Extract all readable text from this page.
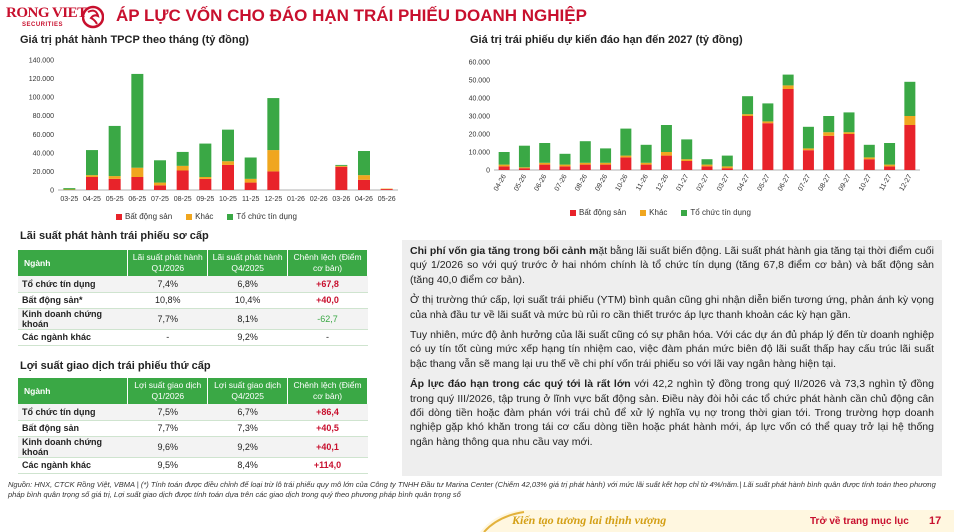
RONG VIET
SECURITIES	ÁP LỰC VỐN CHO ĐÁO HẠN TRÁI PHIẾU DOANH NGHIỆP
Giá trị phát hành TPCP theo tháng (tỷ đồng)
0
20.000
40.000
60.000
80.000
100.000
120.000
140.000
03-25 04-25 05-25 06-25 07-25 08-25 09-25 10-25 11-25 12-25 01-26 02-26 03-26 04-26 05-26
Bất động sản	Khác	Tổ chức tín dụng
Giá trị trái phiếu dự kiến đáo hạn đến 2027 (tỷ đồng)
0
10.000
20.000
30.000
40.000
50.000
60.000
04-26 05-26 06-26 07-26 08-26 09-26 10-26 11-26 12-26 01-27 02-27 03-27 04-27 05-27 06-27 07-27 08-27 09-27 10-27 11-27 12-27
Bất động sản	Khác	Tổ chức tín dụng
Lãi suất phát hành trái phiếu sơ cấp
Ngành	Lãi suất phát hành Q1/2026	Lãi suất phát hành Q4/2025	Chênh lệch (Điểm cơ bản)
Tổ chức tín dụng	7,4%	6,8%	+67,8
Bất động sản*	10,8%	10,4%	+40,0
Kinh doanh chứng khoán	7,7%	8,1%	-62,7
Các ngành khác	-	9,2%	-
Lợi suất giao dịch trái phiếu thứ cấp
Ngành	Lợi suất giao dịch Q1/2026	Lợi suất giao dịch Q4/2025	Chênh lệch (Điểm cơ bản)
Tổ chức tín dụng	7,5%	6,7%	+86,4
Bất động sản	7,7%	7,3%	+40,5
Kinh doanh chứng khoán	9,6%	9,2%	+40,1
Các ngành khác	9,5%	8,4%	+114,0

Chi phí vốn gia tăng trong bối cảnh mặt bằng lãi suất biến động. Lãi suất phát hành gia tăng tại thời điểm cuối quý 1/2026 so với quý trước ở hai nhóm chính là tổ chức tín dụng (tăng 67,8 điểm cơ bản) và bất động sản (tăng 40,0 điểm cơ bản).

Ở thị trường thứ cấp, lợi suất trái phiếu (YTM) bình quân cũng ghi nhận diễn biến tương ứng, phản ánh kỳ vọng của nhà đầu tư về lãi suất và mức bù rủi ro cần thiết trước áp lực thanh khoản các kỳ hạn gần.

Tuy nhiên, mức độ ảnh hưởng của lãi suất cũng có sự phân hóa. Với các dự án đủ pháp lý đến từ doanh nghiệp có uy tín tốt cùng mức xếp hạng tín nhiệm cao, việc đàm phán mức biên độ lãi suất thấp hay cấu trúc lãi suất bậc thang vẫn sẽ mang lại ưu thế về chi phí vốn trái phiếu so với lãi vay ngân hàng hiện tại.

Áp lực đáo hạn trong các quý tới là rất lớn với 42,2 nghìn tỷ đồng trong quý II/2026 và 73,3 nghìn tỷ đồng trong quý III/2026, tập trung ở lĩnh vực bất động sản. Điều này đòi hỏi các tổ chức phát hành cần chủ động cân đối dòng tiền hoặc đàm phán với trái chủ để xử lý nghĩa vụ nợ trong thời gian tới. Trong trường hợp doanh nghiệp gặp khó khăn trong tái cơ cấu dòng tiền hoặc phát hành mới, áp lực vốn có thể quay trở lại hệ thống ngân hàng thông qua nhu cầu vay mới.

Nguồn: HNX, CTCK Rồng Việt, VBMA | (*) Tính toán được điều chỉnh để loại trừ lô trái phiếu quy mô lớn của Công ty TNHH Đầu tư Marina Center (Chiếm 42,03% giá trị phát hành) với mức lãi suất kết hợp chỉ từ 4%/năm.| Lãi suất phát hành bình quân được tính toán theo phương pháp bình quân trọng số giá trị, Lợi suất giao dịch được tính toán dựa trên các giao dịch trong quý theo phương pháp bình quân trọng số
Kiến tạo tương lai thịnh vượng	Trở về trang mục lục 17
